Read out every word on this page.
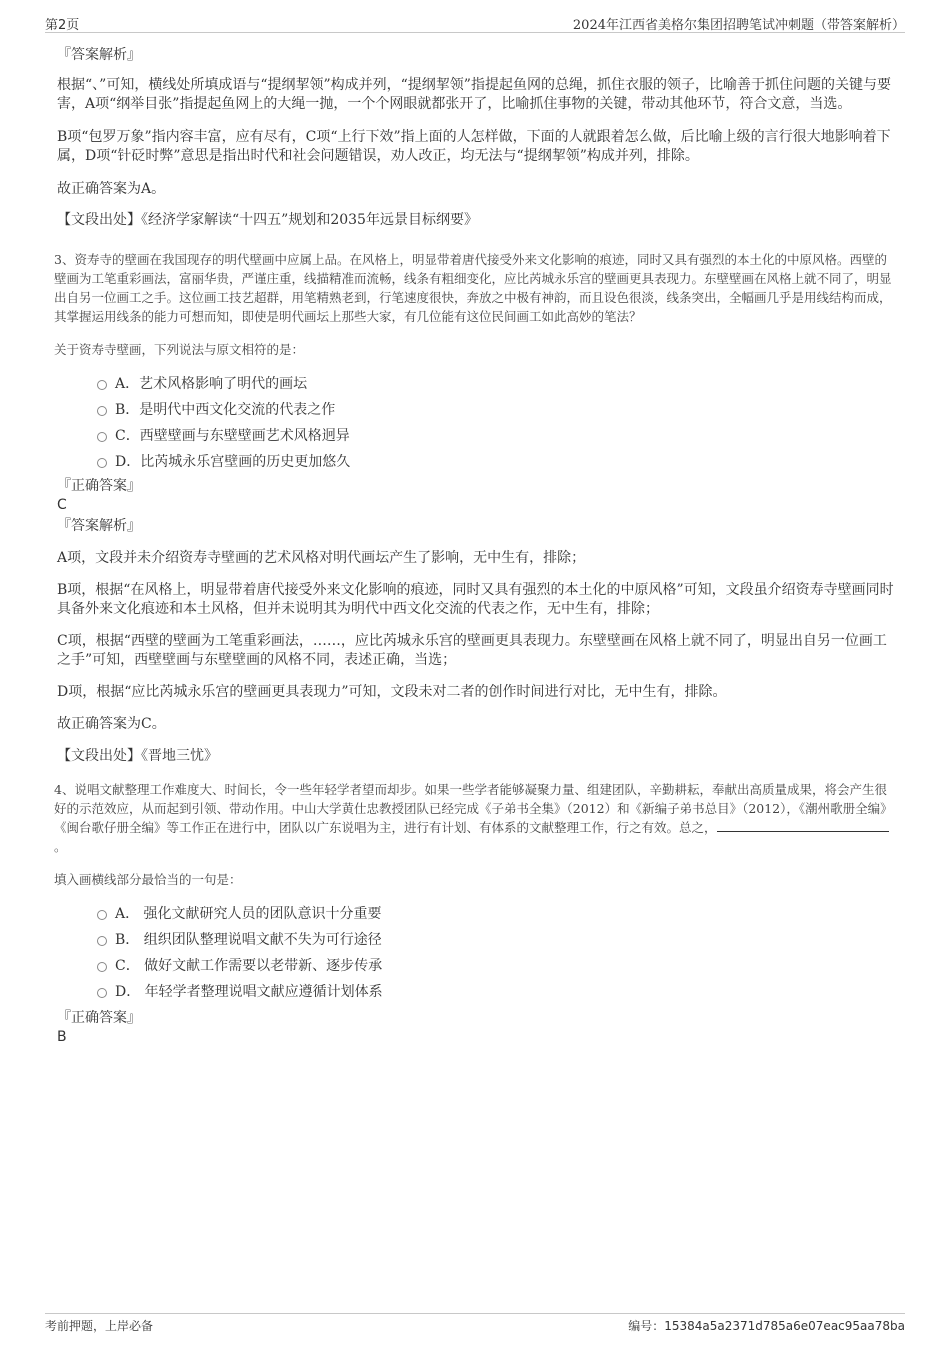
第2页	2024年江西省美格尔集团招聘笔试冲刺题（带答案解析）

『答案解析』

根据“、”可知，横线处所填成语与“提纲挈领”构成并列，“提纲挈领”指提起鱼网的总绳，抓住衣服的领子，比喻善于抓住问题的关键与要害，A项“纲举目张”指提起鱼网上的大绳一抛，一个个网眼就都张开了，比喻抓住事物的关键，带动其他环节，符合文意，当选。

B项“包罗万象”指内容丰富，应有尽有，C项“上行下效”指上面的人怎样做，下面的人就跟着怎么做，后比喻上级的言行很大地影响着下属，D项“针砭时弊”意思是指出时代和社会问题错误，劝人改正，均无法与“提纲挈领”构成并列，排除。

故正确答案为A。

【文段出处】《经济学家解读“十四五”规划和2035年远景目标纲要》

3、资寿寺的壁画在我国现存的明代壁画中应属上品。在风格上，明显带着唐代接受外来文化影响的痕迹，同时又具有强烈的本土化的中原风格。西壁的壁画为工笔重彩画法，富丽华贵，严谨庄重，线描精准而流畅，线条有粗细变化，应比芮城永乐宫的壁画更具表现力。东壁壁画在风格上就不同了，明显出自另一位画工之手。这位画工技艺超群，用笔精熟老到，行笔速度很快，奔放之中极有神韵，而且设色很淡，线条突出，全幅画几乎是用线结构而成，其掌握运用线条的能力可想而知，即使是明代画坛上那些大家，有几位能有这位民间画工如此高妙的笔法？

关于资寿寺壁画，下列说法与原文相符的是：

A．艺术风格影响了明代的画坛
B．是明代中西文化交流的代表之作
C．西壁壁画与东壁壁画艺术风格迥异
D．比芮城永乐宫壁画的历史更加悠久

『正确答案』

C

『答案解析』

A项，文段并未介绍资寿寺壁画的艺术风格对明代画坛产生了影响，无中生有，排除；

B项，根据“在风格上，明显带着唐代接受外来文化影响的痕迹，同时又具有强烈的本土化的中原风格”可知，文段虽介绍资寿寺壁画同时具备外来文化痕迹和本土风格，但并未说明其为明代中西文化交流的代表之作，无中生有，排除；

C项，根据“西壁的壁画为工笔重彩画法，……，应比芮城永乐宫的壁画更具表现力。东壁壁画在风格上就不同了，明显出自另一位画工之手”可知，西壁壁画与东壁壁画的风格不同，表述正确，当选；

D项，根据“应比芮城永乐宫的壁画更具表现力”可知，文段未对二者的创作时间进行对比，无中生有，排除。

故正确答案为C。

【文段出处】《晋地三忧》

4、说唱文献整理工作难度大、时间长，令一些年轻学者望而却步。如果一些学者能够凝聚力量、组建团队，辛勤耕耘，奉献出高质量成果，将会产生很好的示范效应，从而起到引领、带动作用。中山大学黄仕忠教授团队已经完成《子弟书全集》（2012）和《新编子弟书总目》（2012），《潮州歌册全编》《闽台歌仔册全编》等工作正在进行中，团队以广东说唱为主，进行有计划、有体系的文献整理工作，行之有效。总之，。

填入画横线部分最恰当的一句是：

A． 强化文献研究人员的团队意识十分重要
B． 组织团队整理说唱文献不失为可行途径
C． 做好文献工作需要以老带新、逐步传承
D． 年轻学者整理说唱文献应遵循计划体系

『正确答案』

B

考前押题，上岸必备	编号：15384a5a2371d785a6e07eac95aa78ba
